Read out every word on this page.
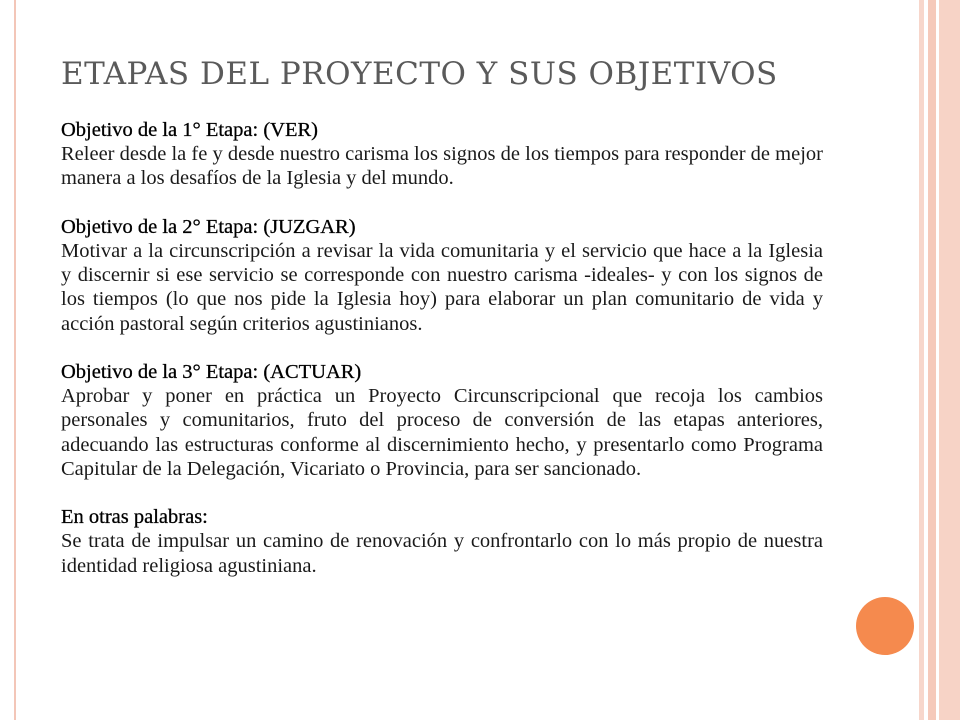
ETAPAS DEL PROYECTO Y SUS OBJETIVOS
Objetivo de la 1° Etapa: (VER)
Releer desde la fe y desde nuestro carisma los signos de los tiempos para responder de mejor manera a los desafíos de la Iglesia y del mundo.
Objetivo de la 2° Etapa: (JUZGAR)
Motivar a la circunscripción a revisar la vida comunitaria y el servicio que hace a la Iglesia y discernir si ese servicio se corresponde con nuestro carisma -ideales- y con los signos de los tiempos (lo que nos pide la Iglesia hoy) para elaborar un plan comunitario de vida y acción pastoral según criterios agustinianos.
Objetivo de la 3° Etapa: (ACTUAR)
Aprobar y poner en práctica un Proyecto Circunscripcional que recoja los cambios personales y comunitarios, fruto del proceso de conversión de las etapas anteriores, adecuando las estructuras conforme al discernimiento hecho, y presentarlo como Programa Capitular de la Delegación, Vicariato o Provincia, para ser sancionado.
En otras palabras:
Se trata de impulsar un camino de renovación y confrontarlo con lo más propio de nuestra identidad religiosa agustiniana.
